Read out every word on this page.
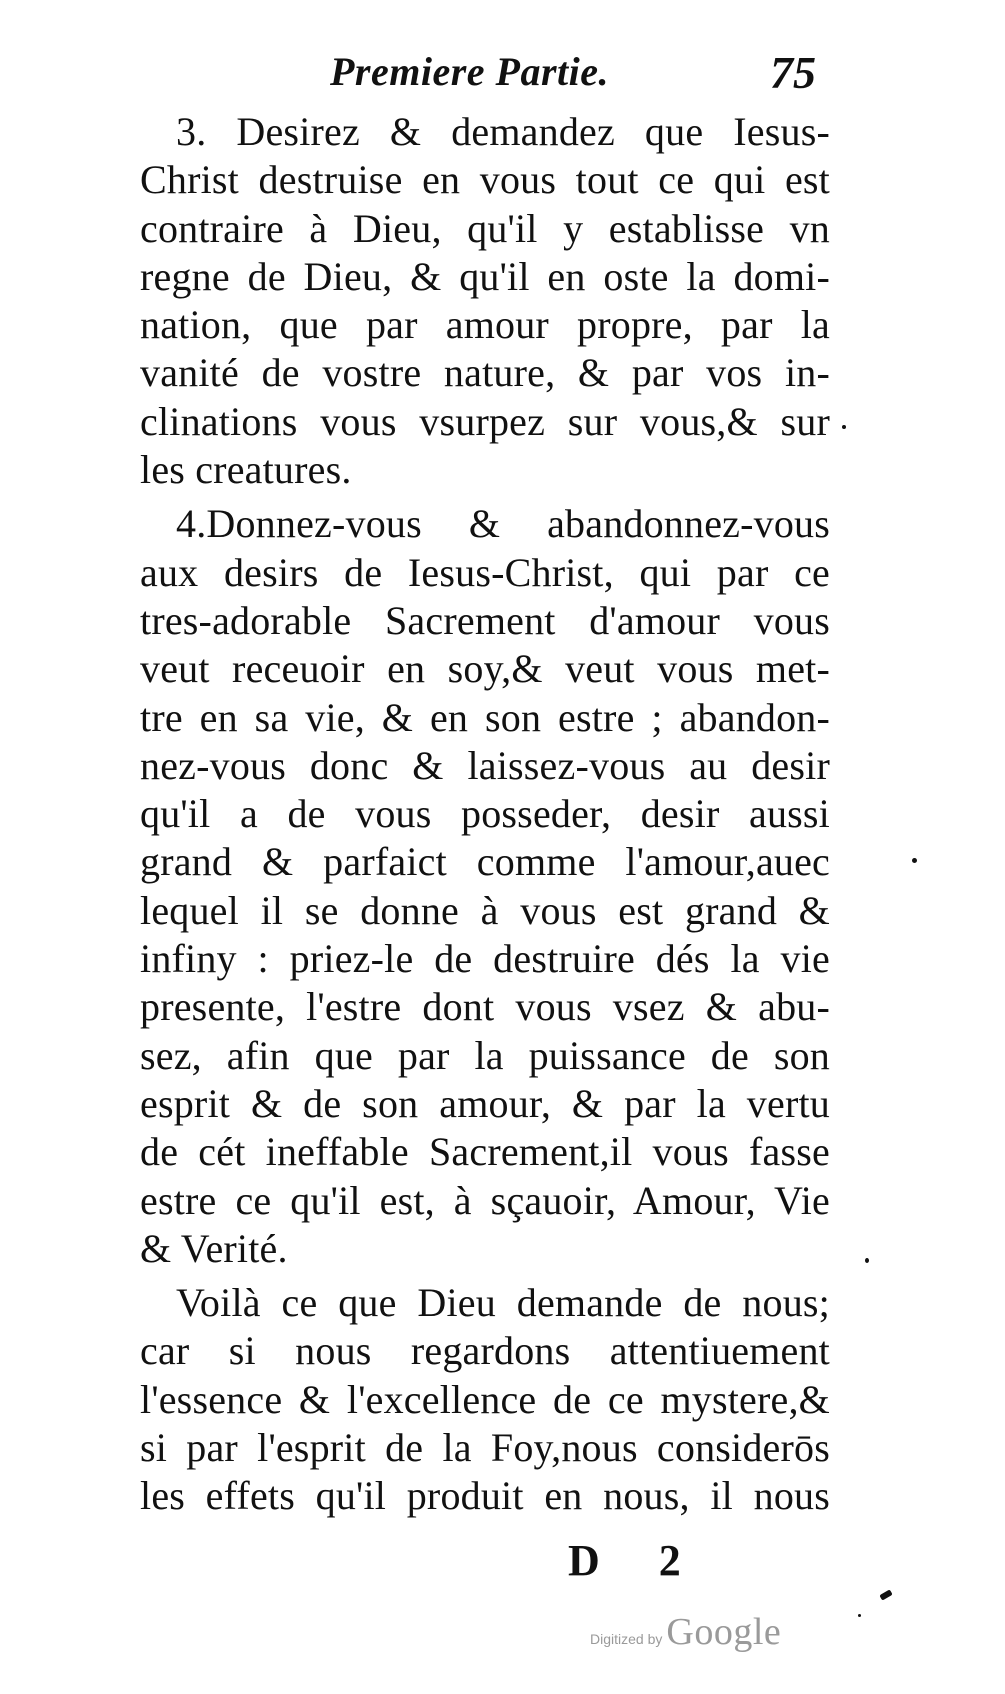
Premiere Partie.	75
3. Desirez & demandez que Iesus-
Christ destruise en vous tout ce qui est
contraire à Dieu, qu'il y establisse vn
regne de Dieu, & qu'il en oste la domi-
nation, que par amour propre, par la
vanité de vostre nature, & par vos in-
clinations vous vsurpez sur vous,& sur
les creatures.
4.Donnez-vous & abandonnez-vous
aux desirs de Iesus-Christ, qui par ce
tres-adorable Sacrement d'amour vous
veut receuoir en soy,& veut vous met-
tre en sa vie, & en son estre ; abandon-
nez-vous donc & laissez-vous au desir
qu'il a de vous posseder, desir aussi
grand & parfaict comme l'amour,auec
lequel il se donne à vous est grand &
infiny : priez-le de destruire dés la vie
presente, l'estre dont vous vsez & abu-
sez, afin que par la puissance de son
esprit & de son amour, & par la vertu
de cét ineffable Sacrement,il vous fasse
estre ce qu'il est, à sçauoir, Amour, Vie
& Verité.
Voilà ce que Dieu demande de nous;
car si nous regardons attentiuement
l'essence & l'excellence de ce mystere,&
si par l'esprit de la Foy,nous considerōs
les effets qu'il produit en nous, il nous
D 2
Digitized by Google
